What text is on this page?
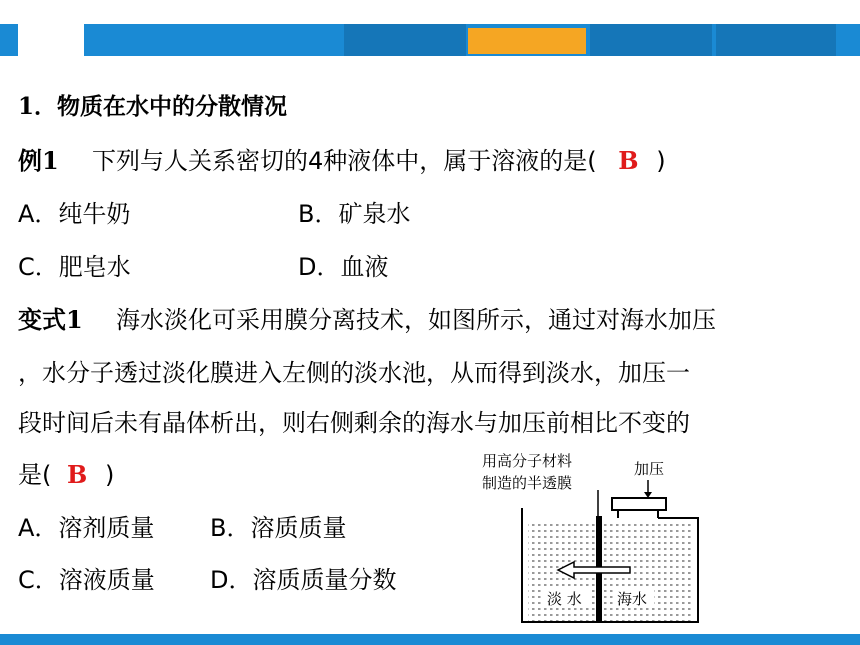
1．物质在水中的分散情况
例1 下列与人关系密切的4种液体中，属于溶液的是( B )
A．纯牛奶	B．矿泉水
C．肥皂水	D．血液
变式1 海水淡化可采用膜分离技术，如图所示，通过对海水加压
，水分子透过淡化膜进入左侧的淡水池，从而得到淡水，加压一
段时间后未有晶体析出，则右侧剩余的海水与加压前相比不变的
是( B )
A．溶剂质量 B．溶质质量
C．溶液质量 D．溶质质量分数
用高分子材料
制造的半透膜
加压
淡 水 海水
